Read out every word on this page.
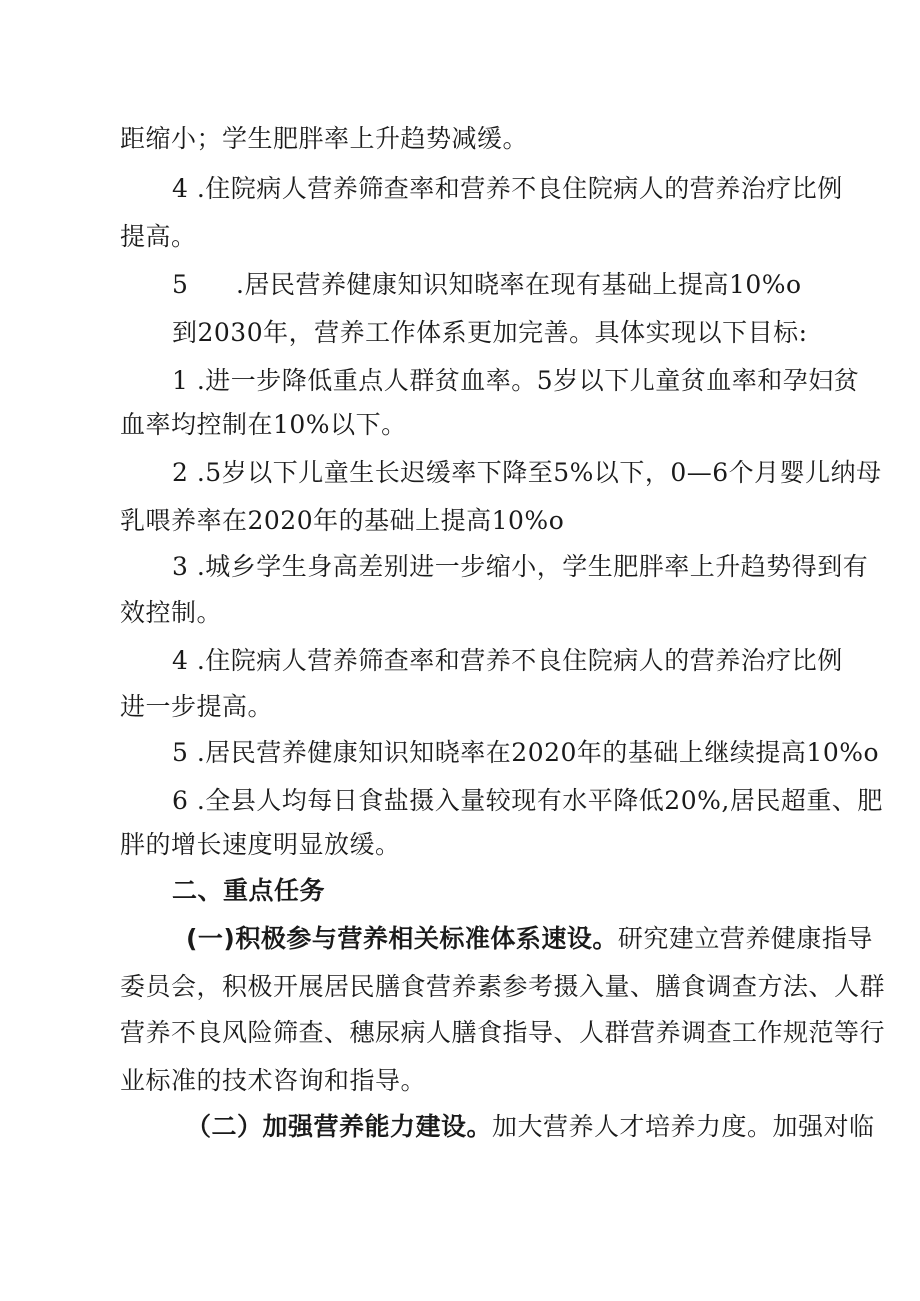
距缩小；学生肥胖率上升趋势减缓。
4 .住院病人营养筛查率和营养不良住院病人的营养治疗比例
提高。
5 .居民营养健康知识知晓率在现有基础上提高10%o
到2030年，营养工作体系更加完善。具体实现以下目标:
1 .进一步降低重点人群贫血率。5岁以下儿童贫血率和孕妇贫
血率均控制在10%以下。
2 .5岁以下儿童生长迟缓率下降至5%以下，0—6个月婴儿纳母
乳喂养率在2020年的基础上提高10%o
3 .城乡学生身高差别进一步缩小，学生肥胖率上升趋势得到有
效控制。
4 .住院病人营养筛查率和营养不良住院病人的营养治疗比例
进一步提高。
5 .居民营养健康知识知晓率在2020年的基础上继续提高10%o
6 .全县人均每日食盐摄入量较现有水平降低20%,居民超重、肥
胖的增长速度明显放缓。
二、重点任务
(一)积极参与营养相关标准体系速设。研究建立营养健康指导
委员会，积极开展居民膳食营养素参考摄入量、膳食调查方法、人群
营养不良风险筛查、穗尿病人膳食指导、人群营养调查工作规范等行
业标准的技术咨询和指导。
（二）加强营养能力建设。加大营养人才培养力度。加强对临
